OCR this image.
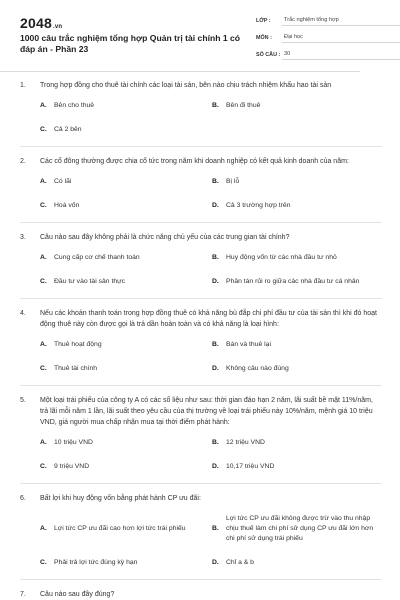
2048.vn
1000 câu trắc nghiệm tổng hợp Quản trị tài chính 1 có đáp án - Phần 23
LỚP :	Trắc nghiệm tổng hợp
MÔN :	Đại học
SỐ CÂU : 30
1.	Trong hợp đồng cho thuê tài chính các loại tài sản, bên nào chịu trách nhiệm khấu hao tài sản
A.	Bên cho thuê	B.	Bên đi thuê
C.	Cả 2 bên
2.	Các cổ đông thường được chia cổ tức trong năm khi doanh nghiệp có kết quả kinh doanh của năm:
A.	Có lãi	B.	Bị lỗ
C.	Hoà vốn	D.	Cả 3 trường hợp trên
3.	Câu nào sau đây không phải là chức năng chủ yếu của các trung gian tài chính?
A.	Cung cấp cơ chế thanh toán	B.	Huy động vốn từ các nhà đầu tư nhỏ
C.	Đầu tư vào tài sản thực	D.	Phân tán rủi ro giữa các nhà đầu tư cá nhân
4.	Nếu các khoản thanh toán trong hợp đồng thuê có khả năng bù đắp chi phí đầu tư của tài sản thì khi đó hoạt động thuê này còn được gọi là trả dần hoàn toàn và có khả năng là loại hình:
A.	Thuê hoạt động	B.	Bán và thuê lại
C.	Thuê tài chính	D.	Không câu nào đúng
5.	Một loại trái phiếu của công ty A có các số liệu như sau: thời gian đáo hạn 2 năm, lãi suất bề mặt 11%/năm, trả lãi mỗi năm 1 lần, lãi suất theo yêu cầu của thị trường về loại trái phiếu này 10%/năm, mệnh giá 10 triệu VND, giá người mua chấp nhận mua tại thời điểm phát hành:
A.	10 triệu VND	B.	12 triệu VND
C.	9 triệu VND	D.	10,17 triệu VND
6.	Bất lợi khi huy động vốn bằng phát hành CP ưu đãi:
A.	Lợi tức CP ưu đãi cao hơn lợi tức trái phiếu	B.
Lợi tức CP ưu đãi không được trừ vào thu nhập chịu thuế làm chi phí sử dụng CP ưu đãi lớn hơn chi phí sử dụng trái phiếu
C.	Phải trả lợi tức đúng kỳ hạn	D.	Chỉ a & b
7.	Câu nào sau đây đúng?
